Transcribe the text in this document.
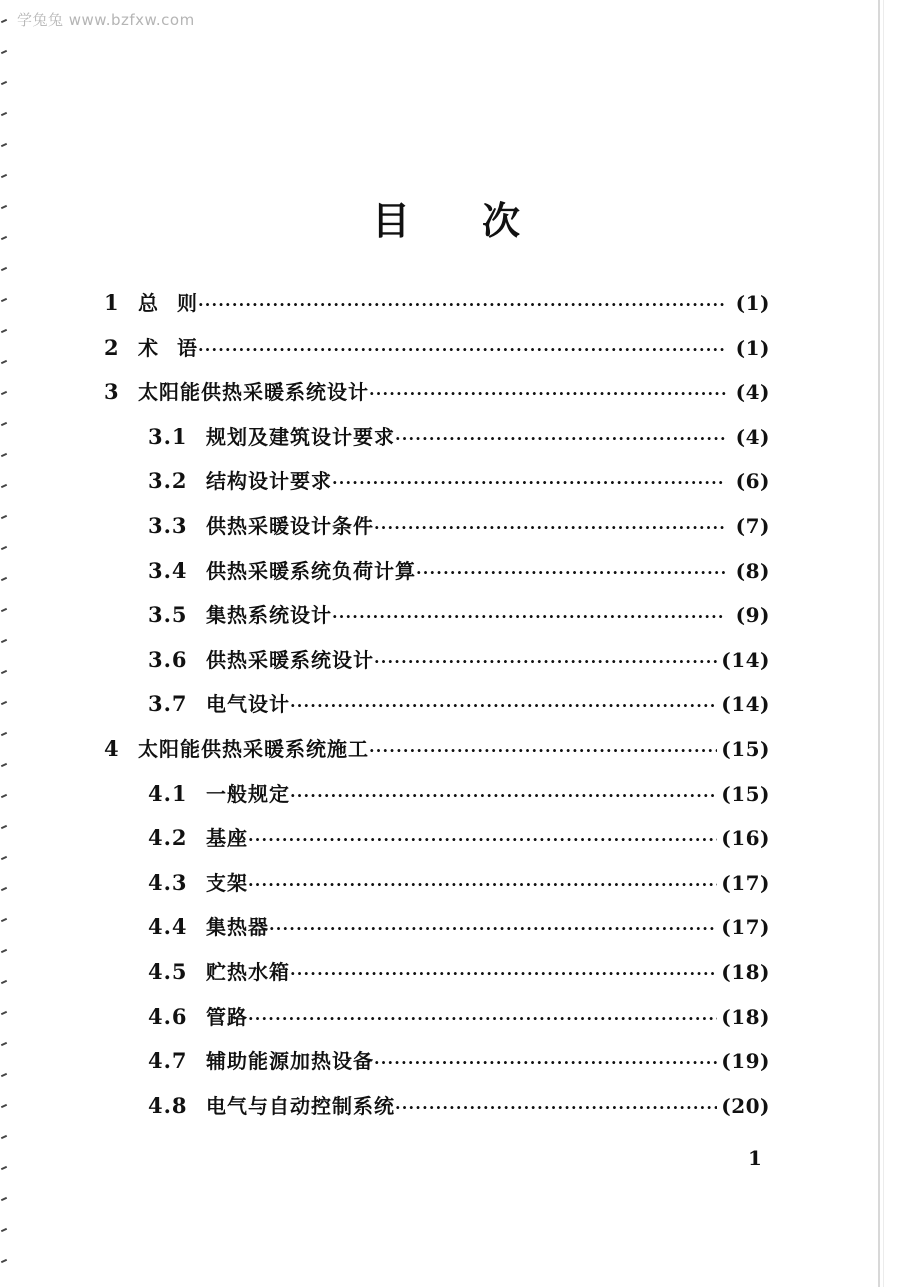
学兔兔 www.bzfxw.com
目次
1 总 则 ·····	(1)
2 术 语 ·····	(1)
3 太阳能供热采暖系统设计 ·····	(4)
3.1 规划及建筑设计要求 ·····	(4)
3.2 结构设计要求 ·····	(6)
3.3 供热采暖设计条件 ·····	(7)
3.4 供热采暖系统负荷计算 ·····	(8)
3.5 集热系统设计 ·····	(9)
3.6 供热采暖系统设计 ·····	(14)
3.7 电气设计 ·····	(14)
4 太阳能供热采暖系统施工 ·····	(15)
4.1 一般规定 ·····	(15)
4.2 基座 ·····	(16)
4.3 支架 ·····	(17)
4.4 集热器 ·····	(17)
4.5 贮热水箱 ·····	(18)
4.6 管路 ·····	(18)
4.7 辅助能源加热设备 ·····	(19)
4.8 电气与自动控制系统 ·····	(20)
1
